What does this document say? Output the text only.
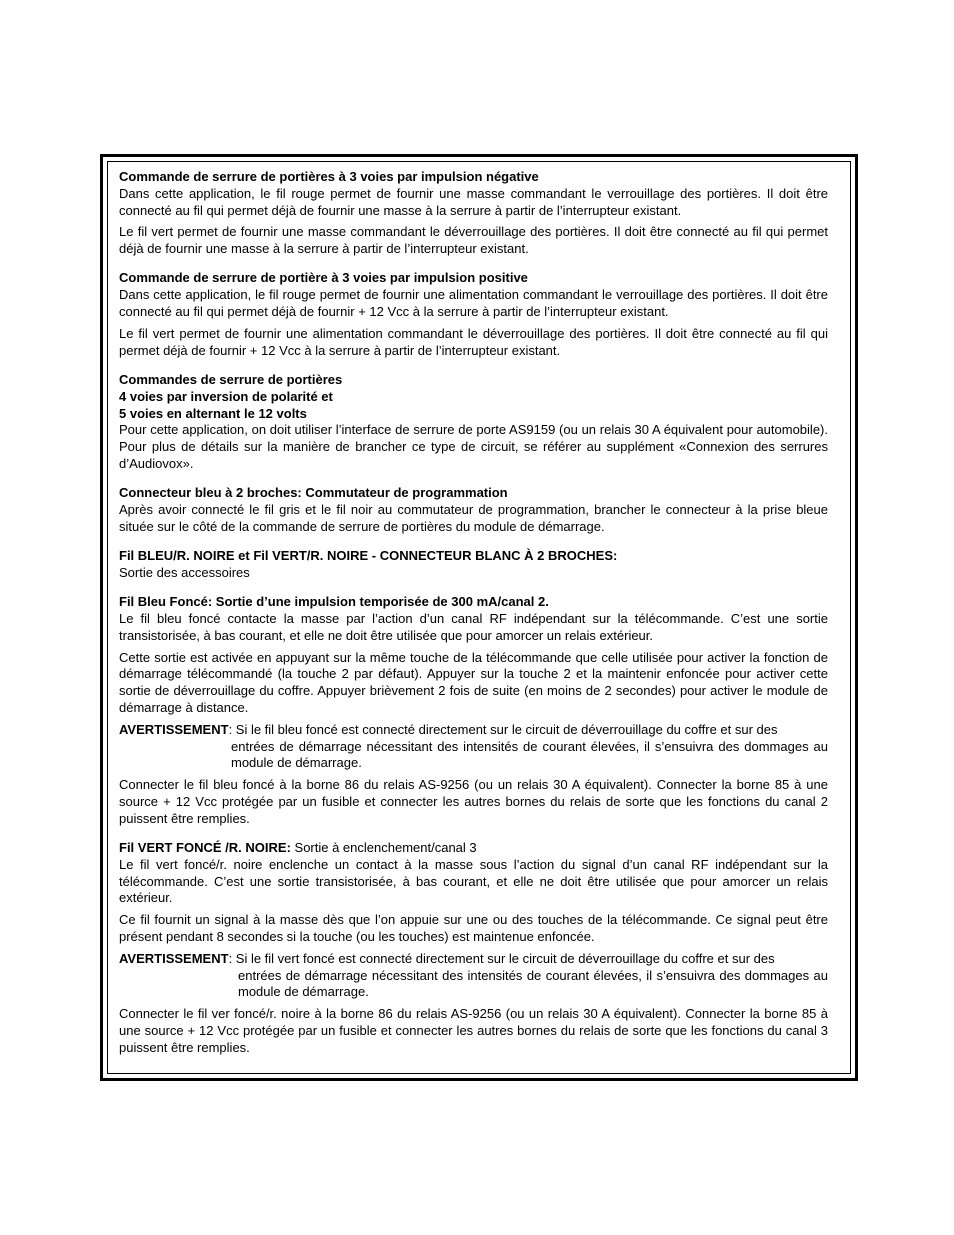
Commande de serrure de portières à 3 voies par impulsion négative
Dans cette application, le fil rouge permet de fournir une masse commandant le verrouillage des portières. Il doit être connecté au fil qui permet déjà de fournir une masse à la serrure à partir de l’interrupteur existant.
Le fil vert permet de fournir une masse commandant le déverrouillage des portières. Il doit être connecté au fil qui permet déjà de fournir une masse à la serrure à partir de l’interrupteur existant.
Commande de serrure de portière à 3 voies par impulsion positive
Dans cette application, le fil rouge permet de fournir une alimentation commandant le verrouillage des portières. Il doit être connecté au fil qui permet déjà de fournir + 12 Vcc à la serrure à partir de l’interrupteur existant.
Le fil vert permet de fournir une alimentation commandant le déverrouillage des portières. Il doit être connecté au fil qui permet déjà de fournir + 12 Vcc à la serrure à partir de l’interrupteur existant.
Commandes de serrure de portières
4 voies par inversion de polarité et
5 voies en alternant le 12 volts
Pour cette application, on doit utiliser l’interface de serrure de porte AS9159 (ou un relais 30 A équivalent pour automobile). Pour plus de détails sur la manière de brancher ce type de circuit, se référer au supplément «Connexion des serrures d’Audiovox».
Connecteur bleu à 2 broches: Commutateur de programmation
Après avoir connecté le fil gris et le fil noir au commutateur de programmation, brancher le connecteur à la prise bleue située sur le côté de la commande de serrure de portières du module de démarrage.
Fil BLEU/R. NOIRE et Fil VERT/R. NOIRE - CONNECTEUR BLANC À 2 BROCHES:
Sortie des accessoires
Fil Bleu Foncé: Sortie d’une impulsion temporisée de 300 mA/canal 2.
Le fil bleu foncé contacte la masse par l’action d’un canal RF indépendant sur la télécommande. C’est une sortie transistorisée, à bas courant, et elle ne doit être utilisée que pour amorcer un relais extérieur.
Cette sortie est activée en appuyant sur la même touche de la télécommande que celle utilisée pour activer la fonction de démarrage télécommandé (la touche 2 par défaut). Appuyer sur la touche 2 et la maintenir enfoncée pour activer cette sortie de déverrouillage du coffre. Appuyer brièvement 2 fois de suite (en moins de 2 secondes) pour activer le module de démarrage à distance.
AVERTISSEMENT: Si le fil bleu foncé est connecté directement sur le circuit de déverrouillage du coffre et sur des
entrées de démarrage nécessitant des intensités de courant élevées, il s’ensuivra des dommages au module de démarrage.
Connecter le fil bleu foncé à la borne 86 du relais AS-9256 (ou un relais 30 A équivalent). Connecter la borne 85 à une source + 12 Vcc protégée par un fusible et connecter les autres bornes du relais de sorte que les fonctions du canal 2 puissent être remplies.
Fil VERT FONCÉ /R. NOIRE: Sortie à enclenchement/canal 3
Le fil vert foncé/r. noire enclenche un contact à la masse sous l’action du signal d’un canal RF indépendant sur la télécommande. C’est une sortie transistorisée, à bas courant, et elle ne doit être utilisée que pour amorcer un relais extérieur.
Ce fil fournit un signal à la masse dès que l’on appuie sur une ou des touches de la télécommande. Ce signal peut être présent pendant 8 secondes si la touche (ou les touches) est maintenue enfoncée.
AVERTISSEMENT: Si le fil vert foncé est connecté directement sur le circuit de déverrouillage du coffre et sur des
entrées de démarrage nécessitant des intensités de courant élevées, il s’ensuivra des dommages au module de démarrage.
Connecter le fil ver foncé/r. noire à la borne 86 du relais AS-9256 (ou un relais 30 A équivalent). Connecter la borne 85 à une source + 12 Vcc protégée par un fusible et connecter les autres bornes du relais de sorte que les fonctions du canal 3 puissent être remplies.
